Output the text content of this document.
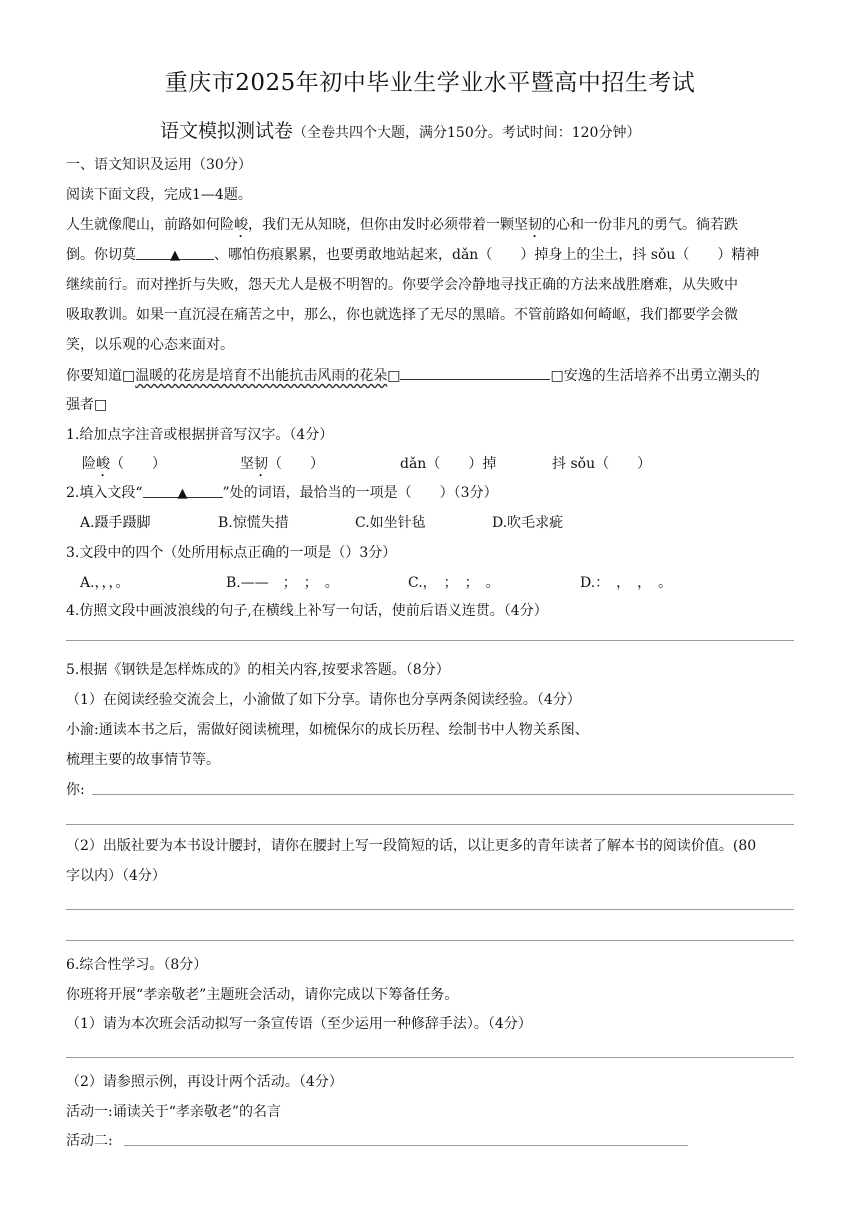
重庆市2025年初中毕业生学业水平暨高中招生考试
语文模拟测试卷（全卷共四个大题，满分150分。考试时间：120分钟）
一、语文知识及运用（30分）
阅读下面文段，完成1—4题。
人生就像爬山，前路如何险峻，我们无从知晓，但你由发时必须带着一颗坚韧的心和一份非凡的勇气。徜若跌
倒。你切莫	▲ 、哪怕伤痕累累，也要勇敢地站起来，dǎn（　　）掉身上的尘土，抖 sǒu（　　）精神
继续前行。而对挫折与失败，怨天尤人是极不明智的。你要学会冷静地寻找正确的方法来战胜磨难，从失败中
吸取教训。如果一直沉浸在痛苦之中，那么，你也就选择了无尽的黑暗。不管前路如何崎岖，我们都要学会微
笑，以乐观的心态来面对。
你要知道□温暖的花房是培育不出能抗击风雨的花朵□	□安逸的生活培养不出勇立潮头的
强者□
1.给加点字注音或根据拼音写汉字。（4分）
险峻（　　）	坚韧（　　）	dǎn（　　）掉	抖 sǒu（　　）
2.填入文段“	▲	”处的词语，最恰当的一项是（　　）（3分）
A.蹑手蹑脚	B.惊慌失措	C.如坐针毡	D.吹毛求疵
3.文段中的四个（处所用标点正确的一项是（）3分）
A.，，，。	B.——　；　；　。	C.，　；　；　。	D.：　，　，　。
4.仿照文段中画波浪线的句子,在横线上补写一句话，使前后语义连贯。（4分）
5.根据《钢铁是怎样炼成的》的相关内容,按要求答题。（8分）
（1）在阅读经验交流会上，小渝做了如下分享。请你也分享两条阅读经验。（4分）
小渝:通读本书之后，需做好阅读梳理，如梳保尔的成长历程、绘制书中人物关系图、
梳理主要的故事情节等。
你:
（2）出版社要为本书设计腰封，请你在腰封上写一段简短的话，以让更多的青年读者了解本书的阅读价值。(80
字以内）（4分）
6.综合性学习。（8分）
你班将开展“孝亲敬老”主题班会活动，请你完成以下筹备任务。
（1）请为本次班会活动拟写一条宣传语（至少运用一种修辞手法）。（4分）
（2）请参照示例，再设计两个活动。（4分）
活动一:诵读关于“孝亲敬老”的名言
活动二:
